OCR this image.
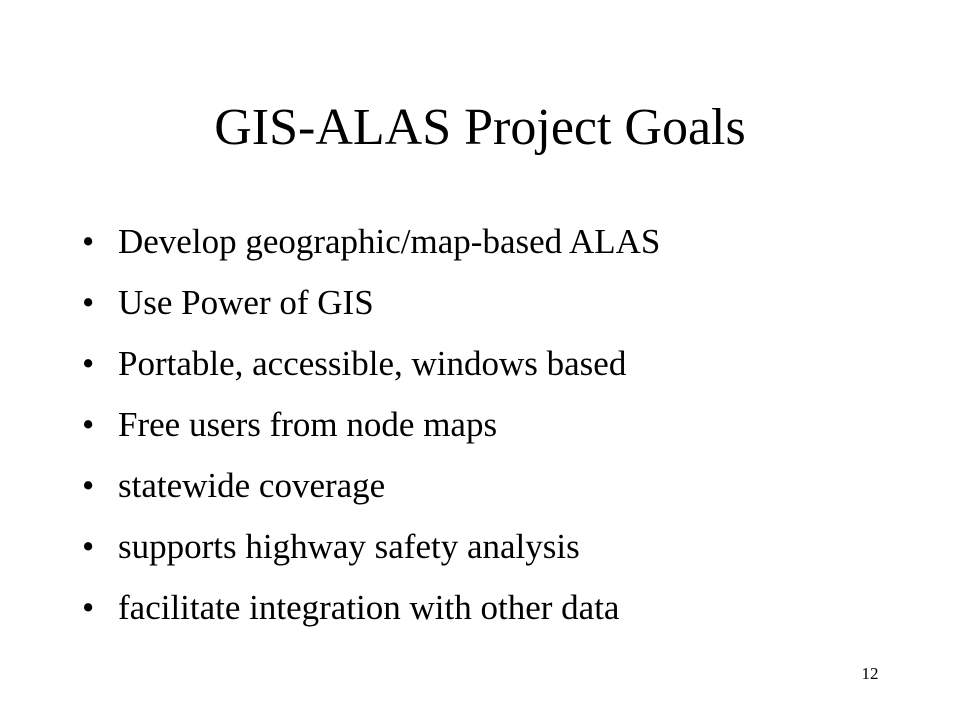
GIS-ALAS Project Goals
• Develop geographic/map-based ALAS
• Use Power of GIS
• Portable, accessible, windows based
• Free users from node maps
• statewide coverage
• supports highway safety analysis
• facilitate integration with other data
12
